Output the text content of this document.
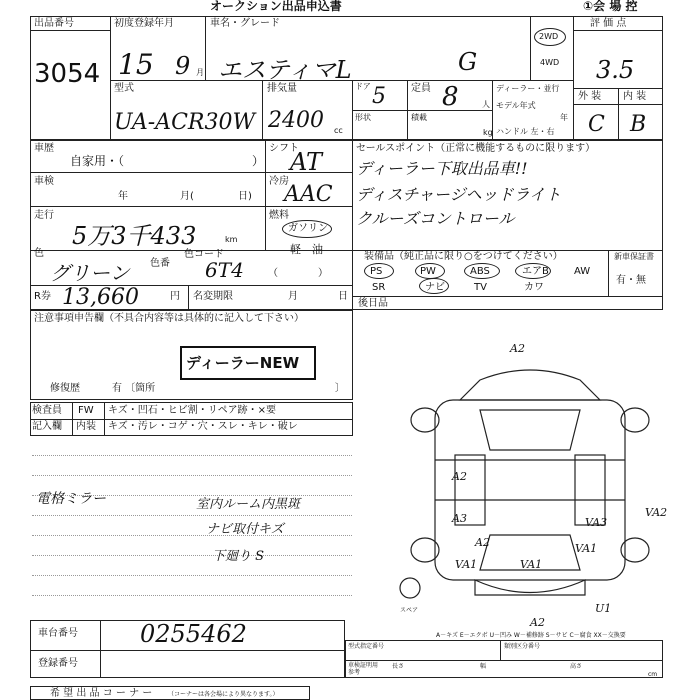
オークション出品申込書	①会 場 控
出品番号
3054
初度登録年月
15 9 月
車名・グレード
エスティマL	G
2WD
4WD
型式
UA-ACR30W
排気量
2400 cc
ドア 5
形状
定員 8	人
積載
kg
ディーラー・並行
モデル年式
年
ハンドル 左・右
評 価 点
3.5
外 装 内 装
C B
車歴
自家用・（	）
シフト
AT
車検
年	月(	日)
冷房
AAC
走行
5万3千433	km
燃料
ガソリン
軽　油
色
グリーン 色番
色コード
6T4 （　　　　）
R券 13,660	円 名変期限	月	日
セールスポイント（正常に機能するものに限ります）
ディーラー下取出品車!!
ディスチャージヘッドライト
クルーズコントロール
装備品（純正品に限り○をつけてください）
PS	PW	ABS	エアB	AW
SR	ナビ	TV	カワ
新車保証書
有・無
後日品
注意事項申告欄（不具合内容等は具体的に記入して下さい）
ディーラーNEW
修復歴	有 〔箇所	〕
検査員
記入欄
FW キズ・凹石・ヒビ割・リペア跡・×要
内装 キズ・汚レ・コゲ・穴・スレ・キレ・破レ
電格ミラー	室内ルーム内黒斑
ナビ取付キズ
下廻り S
A2
A2
A3	VA3
VA1	VA1
VA1
A2
U1
VA2
A2
スペア
A－キズ E－エクボ U－凹み W－補修跡 S－サビ C－腐食 XX－交換要
車台番号	0255462
登録番号
型式指定番号	類別区分番号
車検証明用参考
長さ	幅	高さ
cm
希 望 出 品 コ ー ナ ー	（コーナーは各会場により異なります。）
